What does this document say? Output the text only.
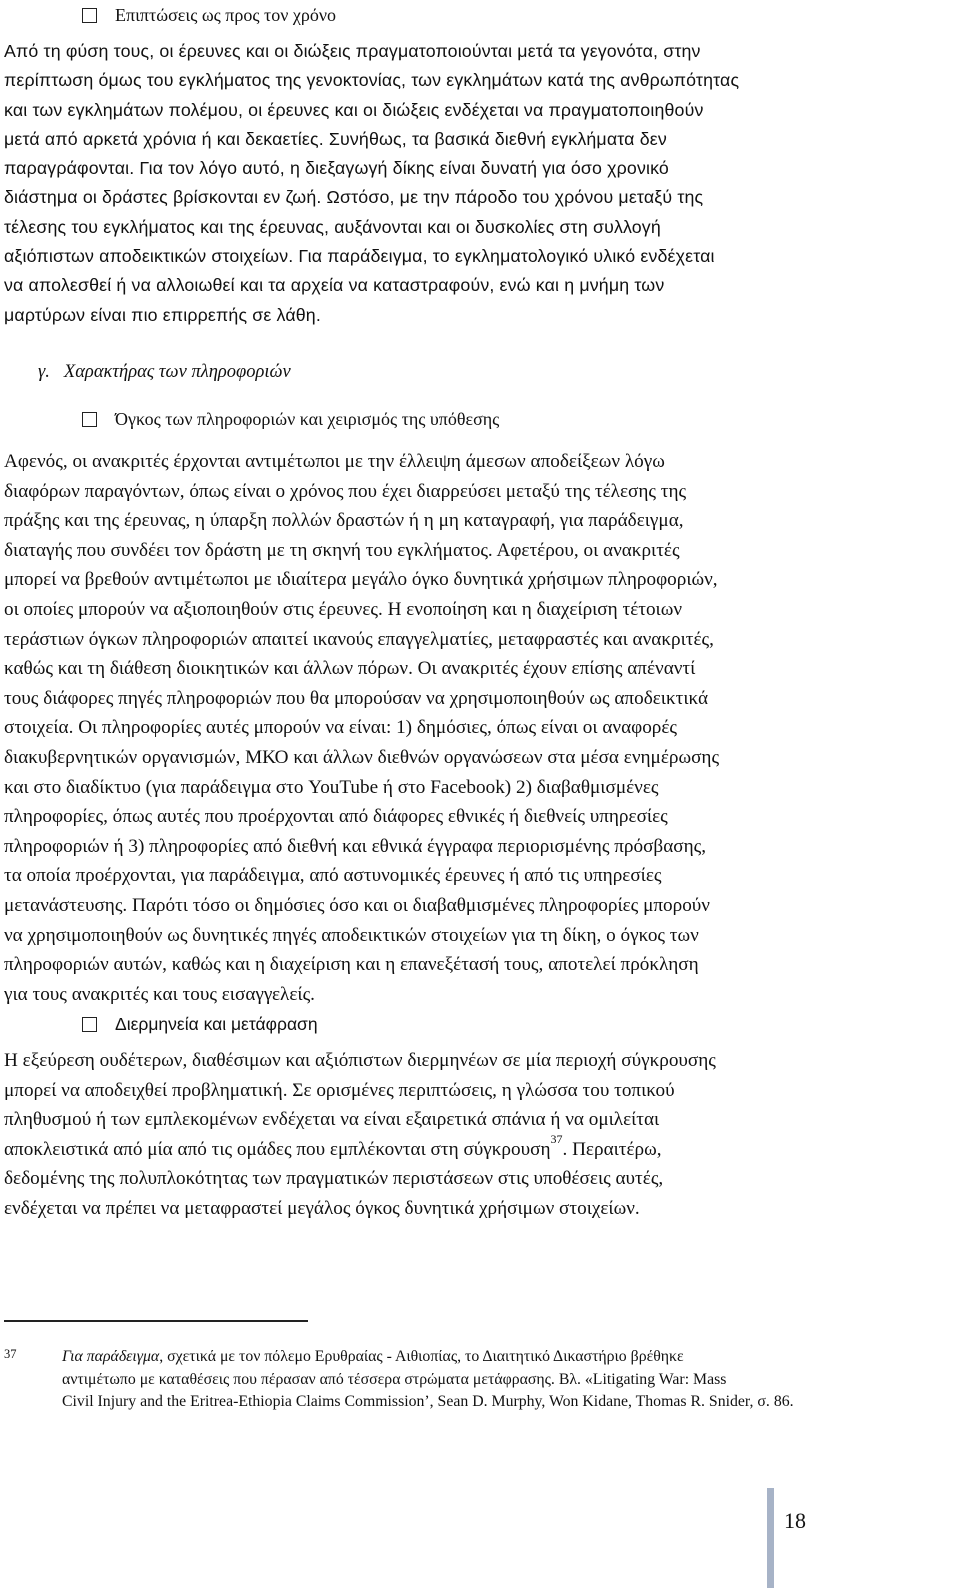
Επιπτώσεις ως προς τον χρόνο

Από τη φύση τους, οι έρευνες και οι διώξεις πραγματοποιούνται μετά τα γεγονότα, στην
περίπτωση όμως του εγκλήματος της γενοκτονίας, των εγκλημάτων κατά της ανθρωπότητας
και των εγκλημάτων πολέμου, οι έρευνες και οι διώξεις ενδέχεται να πραγματοποιηθούν
μετά από αρκετά χρόνια ή και δεκαετίες. Συνήθως, τα βασικά διεθνή εγκλήματα δεν
παραγράφονται. Για τον λόγο αυτό, η διεξαγωγή δίκης είναι δυνατή για όσο χρονικό
διάστημα οι δράστες βρίσκονται εν ζωή. Ωστόσο, με την πάροδο του χρόνου μεταξύ της
τέλεσης του εγκλήματος και της έρευνας, αυξάνονται και οι δυσκολίες στη συλλογή
αξιόπιστων αποδεικτικών στοιχείων. Για παράδειγμα, το εγκληματολογικό υλικό ενδέχεται
να απολεσθεί ή να αλλοιωθεί και τα αρχεία να καταστραφούν, ενώ και η μνήμη των
μαρτύρων είναι πιο επιρρεπής σε λάθη.

γ. Χαρακτήρας των πληροφοριών
Όγκος των πληροφοριών και χειρισμός της υπόθεσης

Αφενός, οι ανακριτές έρχονται αντιμέτωποι με την έλλειψη άμεσων αποδείξεων λόγω
διαφόρων παραγόντων, όπως είναι ο χρόνος που έχει διαρρεύσει μεταξύ της τέλεσης της
πράξης και της έρευνας, η ύπαρξη πολλών δραστών ή η μη καταγραφή, για παράδειγμα,
διαταγής που συνδέει τον δράστη με τη σκηνή του εγκλήματος. Αφετέρου, οι ανακριτές
μπορεί να βρεθούν αντιμέτωποι με ιδιαίτερα μεγάλο όγκο δυνητικά χρήσιμων πληροφοριών,
οι οποίες μπορούν να αξιοποιηθούν στις έρευνες. Η ενοποίηση και η διαχείριση τέτοιων
τεράστιων όγκων πληροφοριών απαιτεί ικανούς επαγγελματίες, μεταφραστές και ανακριτές,
καθώς και τη διάθεση διοικητικών και άλλων πόρων. Οι ανακριτές έχουν επίσης απέναντί
τους διάφορες πηγές πληροφοριών που θα μπορούσαν να χρησιμοποιηθούν ως αποδεικτικά
στοιχεία. Οι πληροφορίες αυτές μπορούν να είναι: 1) δημόσιες, όπως είναι οι αναφορές
διακυβερνητικών οργανισμών, ΜΚΟ και άλλων διεθνών οργανώσεων στα μέσα ενημέρωσης
και στο διαδίκτυο (για παράδειγμα στο YouTube ή στο Facebook) 2) διαβαθμισμένες
πληροφορίες, όπως αυτές που προέρχονται από διάφορες εθνικές ή διεθνείς υπηρεσίες
πληροφοριών ή 3) πληροφορίες από διεθνή και εθνικά έγγραφα περιορισμένης πρόσβασης,
τα οποία προέρχονται, για παράδειγμα, από αστυνομικές έρευνες ή από τις υπηρεσίες
μετανάστευσης. Παρότι τόσο οι δημόσιες όσο και οι διαβαθμισμένες πληροφορίες μπορούν
να χρησιμοποιηθούν ως δυνητικές πηγές αποδεικτικών στοιχείων για τη δίκη, ο όγκος των
πληροφοριών αυτών, καθώς και η διαχείριση και η επανεξέτασή τους, αποτελεί πρόκληση
για τους ανακριτές και τους εισαγγελείς.

Διερμηνεία και μετάφραση

Η εξεύρεση ουδέτερων, διαθέσιμων και αξιόπιστων διερμηνέων σε μία περιοχή σύγκρουσης
μπορεί να αποδειχθεί προβληματική. Σε ορισμένες περιπτώσεις, η γλώσσα του τοπικού
πληθυσμού ή των εμπλεκομένων ενδέχεται να είναι εξαιρετικά σπάνια ή να ομιλείται
αποκλειστικά από μία από τις ομάδες που εμπλέκονται στη σύγκρουση$^{37}$. Περαιτέρω,
δεδομένης της πολυπλοκότητας των πραγματικών περιστάσεων στις υποθέσεις αυτές,
ενδέχεται να πρέπει να μεταφραστεί μεγάλος όγκος δυνητικά χρήσιμων στοιχείων.

37	Για παράδειγμα, σχετικά με τον πόλεμο Ερυθραίας - Αιθιοπίας, το Διαιτητικό Δικαστήριο βρέθηκε
αντιμέτωπο με καταθέσεις που πέρασαν από τέσσερα στρώματα μετάφρασης. Βλ. «Litigating War: Mass
Civil Injury and the Eritrea-Ethiopia Claims Commission’, Sean D. Murphy, Won Kidane, Thomas R. Snider, σ. 86.

18
